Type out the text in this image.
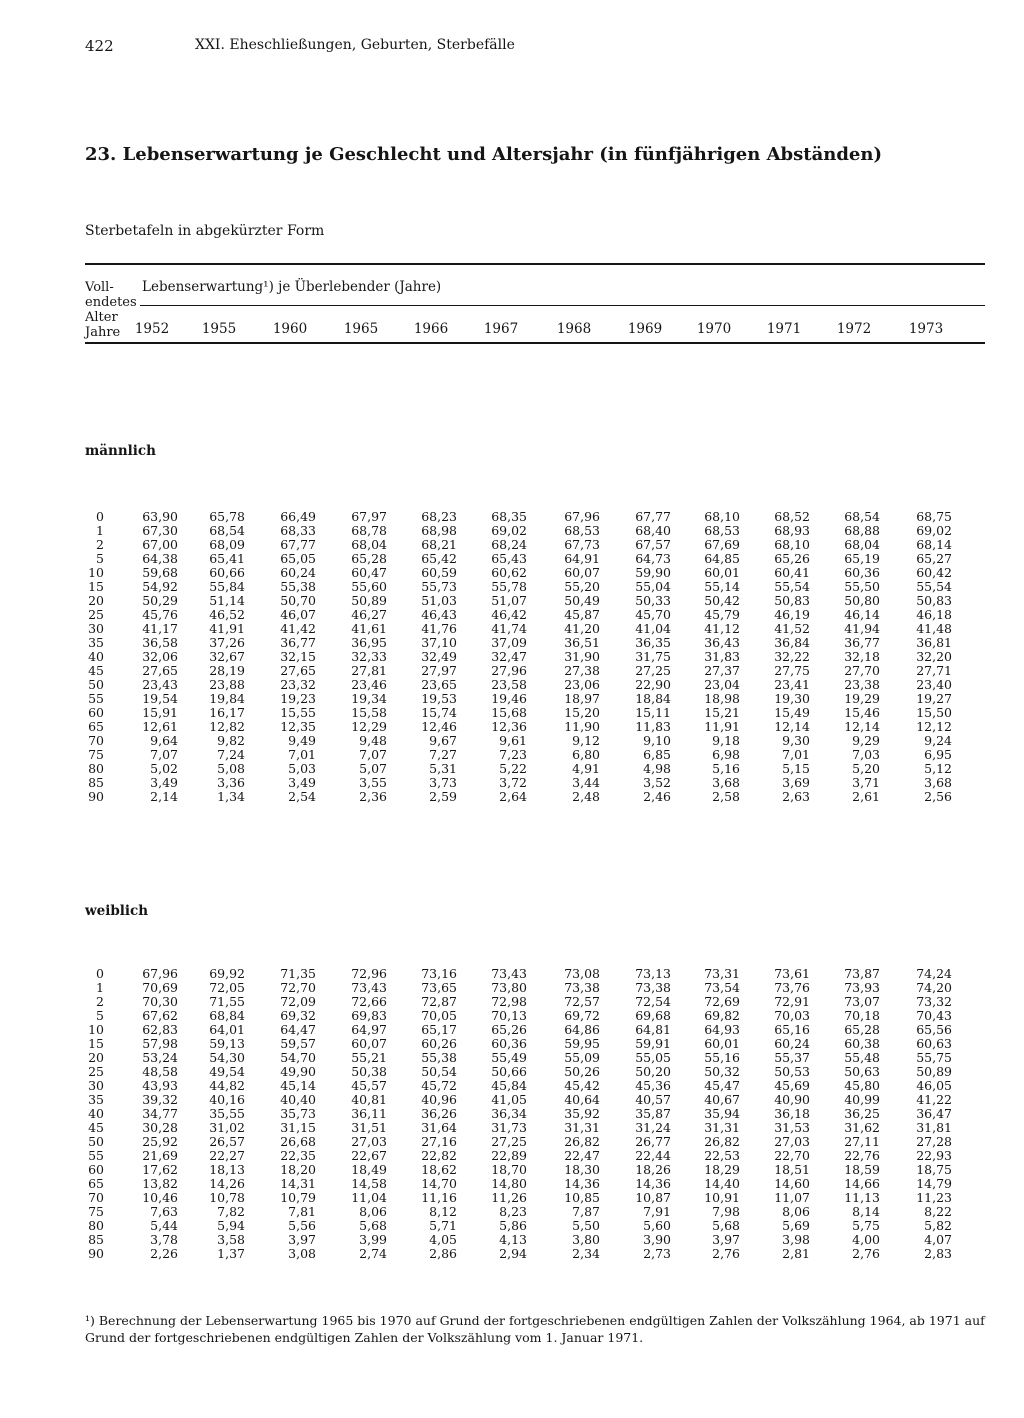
422	XXI. Eheschließungen, Geburten, Sterbefälle
23. Lebenserwartung je Geschlecht und Altersjahr (in fünfjährigen Abständen)
Sterbetafeln in abgekürzter Form
Voll-
endetes
Alter
Jahre
Lebenserwartung¹) je Überlebender (Jahre)
1952	1955	1960	1965	1966	1967	1968	1969	1970	1971	1972	1973
männlich
0	63,90	65,78	66,49	67,97	68,23	68,35	67,96	67,77	68,10	68,52	68,54	68,75
1	67,30	68,54	68,33	68,78	68,98	69,02	68,53	68,40	68,53	68,93	68,88	69,02
2	67,00	68,09	67,77	68,04	68,21	68,24	67,73	67,57	67,69	68,10	68,04	68,14
5	64,38	65,41	65,05	65,28	65,42	65,43	64,91	64,73	64,85	65,26	65,19	65,27
10	59,68	60,66	60,24	60,47	60,59	60,62	60,07	59,90	60,01	60,41	60,36	60,42
15	54,92	55,84	55,38	55,60	55,73	55,78	55,20	55,04	55,14	55,54	55,50	55,54
20	50,29	51,14	50,70	50,89	51,03	51,07	50,49	50,33	50,42	50,83	50,80	50,83
25	45,76	46,52	46,07	46,27	46,43	46,42	45,87	45,70	45,79	46,19	46,14	46,18
30	41,17	41,91	41,42	41,61	41,76	41,74	41,20	41,04	41,12	41,52	41,94	41,48
35	36,58	37,26	36,77	36,95	37,10	37,09	36,51	36,35	36,43	36,84	36,77	36,81
40	32,06	32,67	32,15	32,33	32,49	32,47	31,90	31,75	31,83	32,22	32,18	32,20
45	27,65	28,19	27,65	27,81	27,97	27,96	27,38	27,25	27,37	27,75	27,70	27,71
50	23,43	23,88	23,32	23,46	23,65	23,58	23,06	22,90	23,04	23,41	23,38	23,40
55	19,54	19,84	19,23	19,34	19,53	19,46	18,97	18,84	18,98	19,30	19,29	19,27
60	15,91	16,17	15,55	15,58	15,74	15,68	15,20	15,11	15,21	15,49	15,46	15,50
65	12,61	12,82	12,35	12,29	12,46	12,36	11,90	11,83	11,91	12,14	12,14	12,12
70	9,64	9,82	9,49	9,48	9,67	9,61	9,12	9,10	9,18	9,30	9,29	9,24
75	7,07	7,24	7,01	7,07	7,27	7,23	6,80	6,85	6,98	7,01	7,03	6,95
80	5,02	5,08	5,03	5,07	5,31	5,22	4,91	4,98	5,16	5,15	5,20	5,12
85	3,49	3,36	3,49	3,55	3,73	3,72	3,44	3,52	3,68	3,69	3,71	3,68
90	2,14	1,34	2,54	2,36	2,59	2,64	2,48	2,46	2,58	2,63	2,61	2,56
weiblich
0	67,96	69,92	71,35	72,96	73,16	73,43	73,08	73,13	73,31	73,61	73,87	74,24
1	70,69	72,05	72,70	73,43	73,65	73,80	73,38	73,38	73,54	73,76	73,93	74,20
2	70,30	71,55	72,09	72,66	72,87	72,98	72,57	72,54	72,69	72,91	73,07	73,32
5	67,62	68,84	69,32	69,83	70,05	70,13	69,72	69,68	69,82	70,03	70,18	70,43
10	62,83	64,01	64,47	64,97	65,17	65,26	64,86	64,81	64,93	65,16	65,28	65,56
15	57,98	59,13	59,57	60,07	60,26	60,36	59,95	59,91	60,01	60,24	60,38	60,63
20	53,24	54,30	54,70	55,21	55,38	55,49	55,09	55,05	55,16	55,37	55,48	55,75
25	48,58	49,54	49,90	50,38	50,54	50,66	50,26	50,20	50,32	50,53	50,63	50,89
30	43,93	44,82	45,14	45,57	45,72	45,84	45,42	45,36	45,47	45,69	45,80	46,05
35	39,32	40,16	40,40	40,81	40,96	41,05	40,64	40,57	40,67	40,90	40,99	41,22
40	34,77	35,55	35,73	36,11	36,26	36,34	35,92	35,87	35,94	36,18	36,25	36,47
45	30,28	31,02	31,15	31,51	31,64	31,73	31,31	31,24	31,31	31,53	31,62	31,81
50	25,92	26,57	26,68	27,03	27,16	27,25	26,82	26,77	26,82	27,03	27,11	27,28
55	21,69	22,27	22,35	22,67	22,82	22,89	22,47	22,44	22,53	22,70	22,76	22,93
60	17,62	18,13	18,20	18,49	18,62	18,70	18,30	18,26	18,29	18,51	18,59	18,75
65	13,82	14,26	14,31	14,58	14,70	14,80	14,36	14,36	14,40	14,60	14,66	14,79
70	10,46	10,78	10,79	11,04	11,16	11,26	10,85	10,87	10,91	11,07	11,13	11,23
75	7,63	7,82	7,81	8,06	8,12	8,23	7,87	7,91	7,98	8,06	8,14	8,22
80	5,44	5,94	5,56	5,68	5,71	5,86	5,50	5,60	5,68	5,69	5,75	5,82
85	3,78	3,58	3,97	3,99	4,05	4,13	3,80	3,90	3,97	3,98	4,00	4,07
90	2,26	1,37	3,08	2,74	2,86	2,94	2,34	2,73	2,76	2,81	2,76	2,83
¹) Berechnung der Lebenserwartung 1965 bis 1970 auf Grund der fortgeschriebenen endgültigen Zahlen der Volkszählung 1964, ab 1971 auf Grund der fortgeschriebenen endgültigen Zahlen der Volkszählung vom 1. Januar 1971.
